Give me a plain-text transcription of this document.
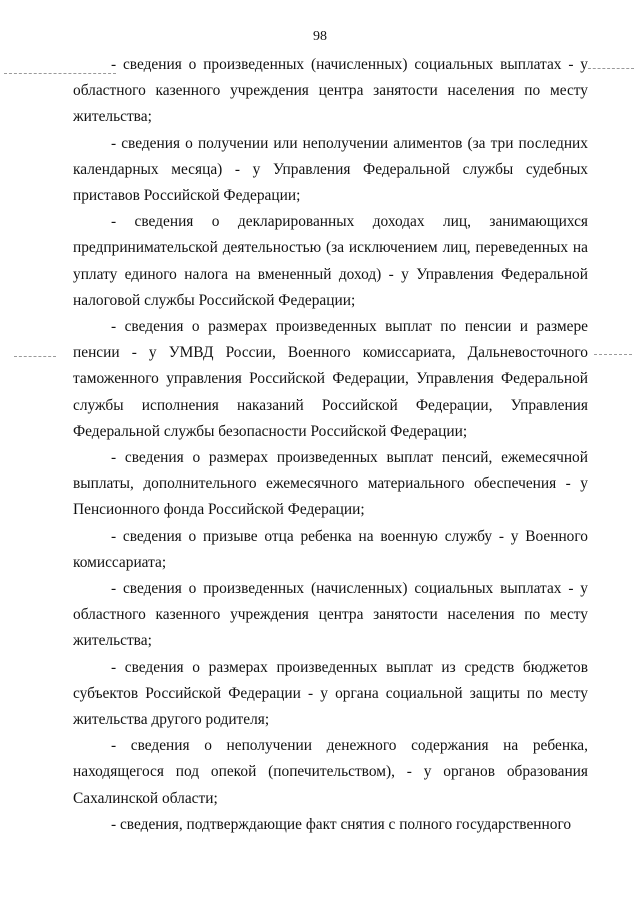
98

- сведения о произведенных (начисленных) социальных выплатах - у областного казенного учреждения центра занятости населения по месту жительства;

- сведения о получении или неполучении алиментов (за три последних календарных месяца) - у Управления Федеральной службы судебных приставов Российской Федерации;

- сведения о декларированных доходах лиц, занимающихся предпринимательской деятельностью (за исключением лиц, переведенных на уплату единого налога на вмененный доход) - у Управления Федеральной налоговой службы Российской Федерации;

- сведения о размерах произведенных выплат по пенсии и размере пенсии - у УМВД России, Военного комиссариата, Дальневосточного таможенного управления Российской Федерации, Управления Федеральной службы исполнения наказаний Российской Федерации, Управления Федеральной службы безопасности Российской Федерации;

- сведения о размерах произведенных выплат пенсий, ежемесячной выплаты, дополнительного ежемесячного материального обеспечения - у Пенсионного фонда Российской Федерации;

- сведения о призыве отца ребенка на военную службу - у Военного комиссариата;

- сведения о произведенных (начисленных) социальных выплатах - у областного казенного учреждения центра занятости населения по месту жительства;

- сведения о размерах произведенных выплат из средств бюджетов субъектов Российской Федерации - у органа социальной защиты по месту жительства другого родителя;

- сведения о неполучении денежного содержания на ребенка, находящегося под опекой (попечительством), - у органов образования Сахалинской области;

- сведения, подтверждающие факт снятия с полного государственного
